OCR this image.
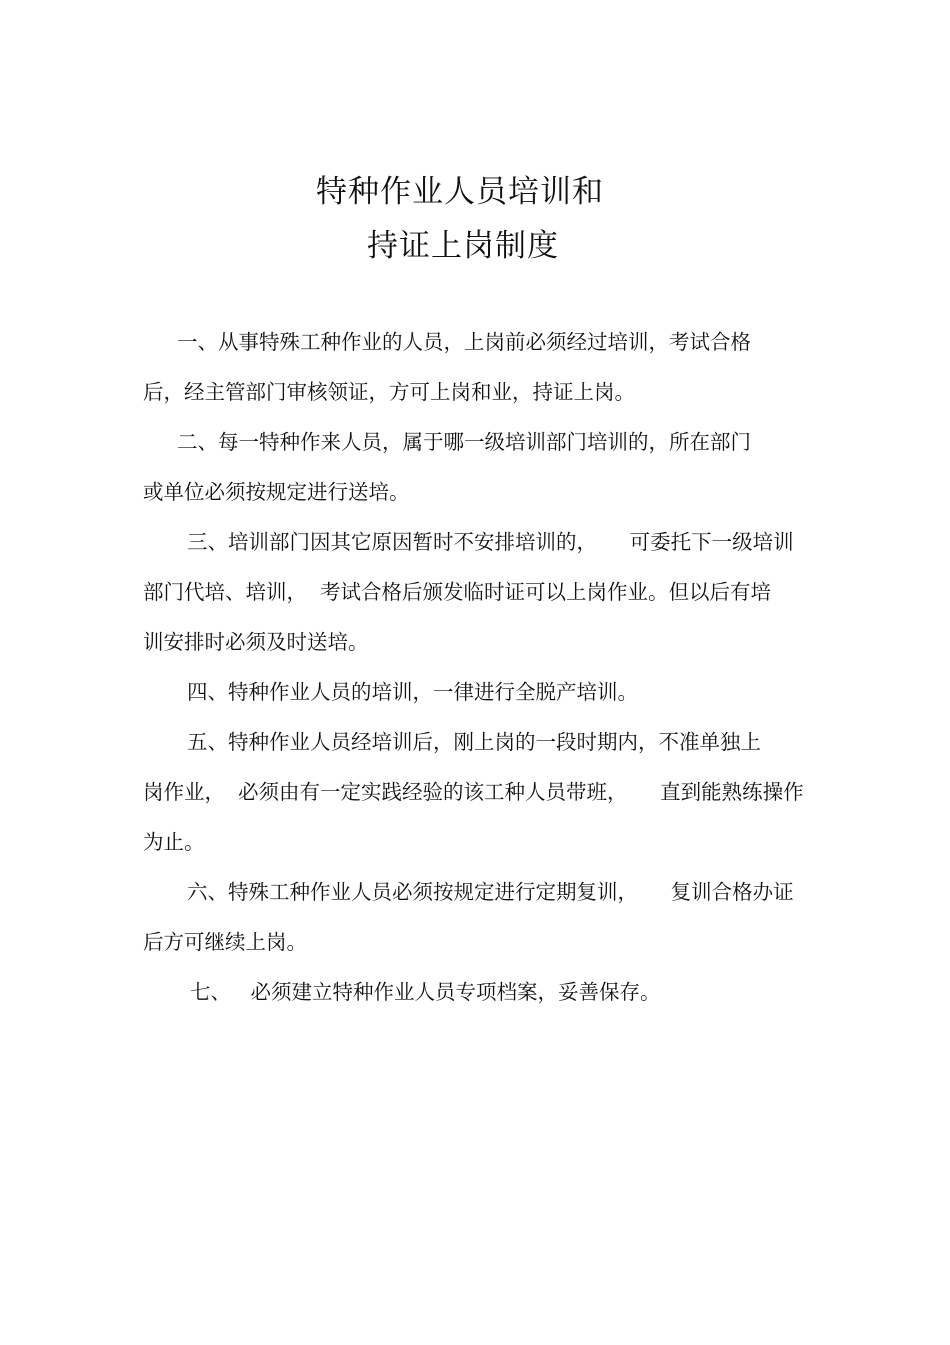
特种作业人员培训和
持证上岗制度
一、从事特殊工种作业的人员，上岗前必须经过培训，考试合格
后，经主管部门审核领证，方可上岗和业，持证上岗。
二、每一特种作来人员，属于哪一级培训部门培训的，所在部门
或单位必须按规定进行送培。
三、培训部门因其它原因暂时不安排培训的，     可委托下一级培训
部门代培、培训，  考试合格后颁发临时证可以上岗作业。但以后有培
训安排时必须及时送培。
四、特种作业人员的培训，一律进行全脱产培训。
五、特种作业人员经培训后，刚上岗的一段时期内，不准单独上
岗作业，  必须由有一定实践经验的该工种人员带班，     直到能熟练操作
为止。
六、特殊工种作业人员必须按规定进行定期复训，     复训合格办证
后方可继续上岗。
七、   必须建立特种作业人员专项档案，妥善保存。
